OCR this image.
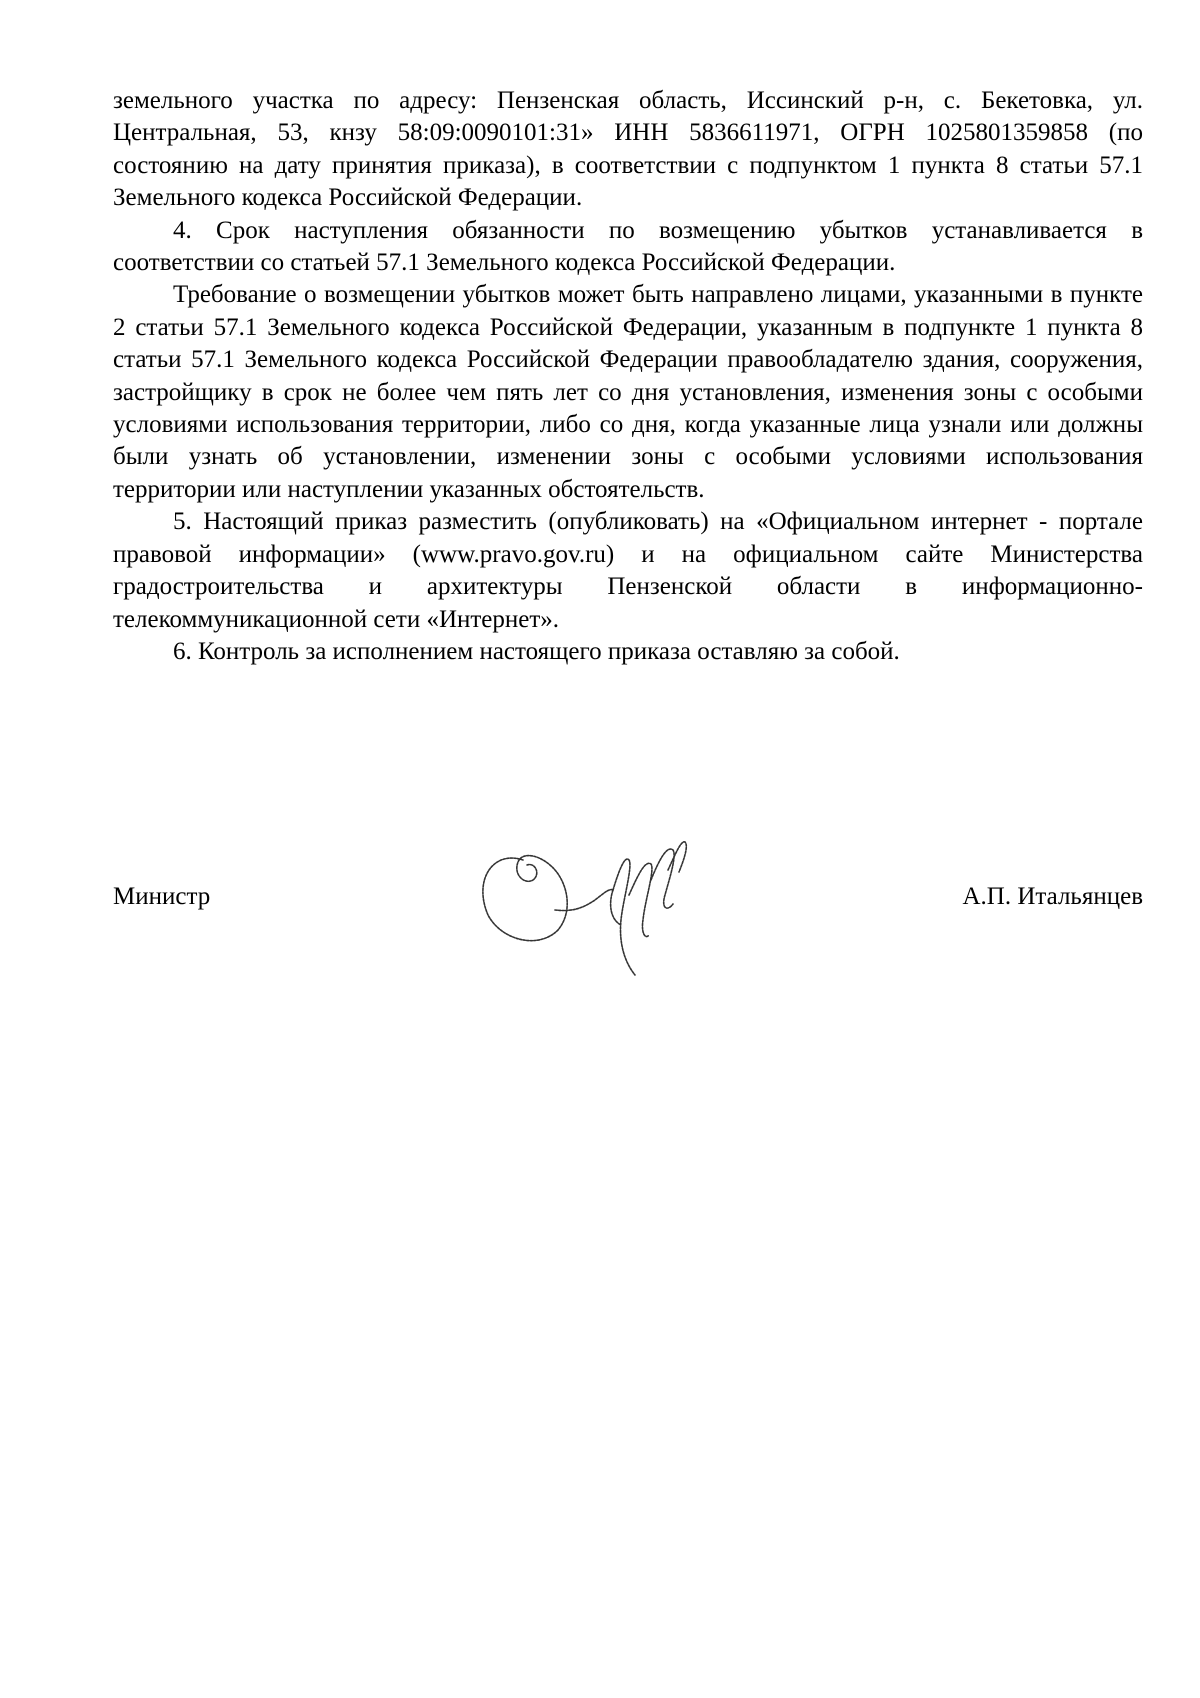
земельного участка по адресу: Пензенская область, Иссинский р-н, с. Бекетовка, ул. Центральная, 53, кнзу 58:09:0090101:31» ИНН 5836611971, ОГРН 1025801359858 (по состоянию на дату принятия приказа), в соответствии с подпунктом 1 пункта 8 статьи 57.1 Земельного кодекса Российской Федерации.

4. Срок наступления обязанности по возмещению убытков устанавливается в соответствии со статьей 57.1 Земельного кодекса Российской Федерации.

Требование о возмещении убытков может быть направлено лицами, указанными в пункте 2 статьи 57.1 Земельного кодекса Российской Федерации, указанным в подпункте 1 пункта 8 статьи 57.1 Земельного кодекса Российской Федерации правообладателю здания, сооружения, застройщику в срок не более чем пять лет со дня установления, изменения зоны с особыми условиями использования территории, либо со дня, когда указанные лица узнали или должны были узнать об установлении, изменении зоны с особыми условиями использования территории или наступлении указанных обстоятельств.

5. Настоящий приказ разместить (опубликовать) на «Официальном интернет - портале правовой информации» (www.pravo.gov.ru) и на официальном сайте Министерства градостроительства и архитектуры Пензенской области в информационно-телекоммуникационной сети «Интернет».

6. Контроль за исполнением настоящего приказа оставляю за собой.

Министр	А.П. Итальянцев
